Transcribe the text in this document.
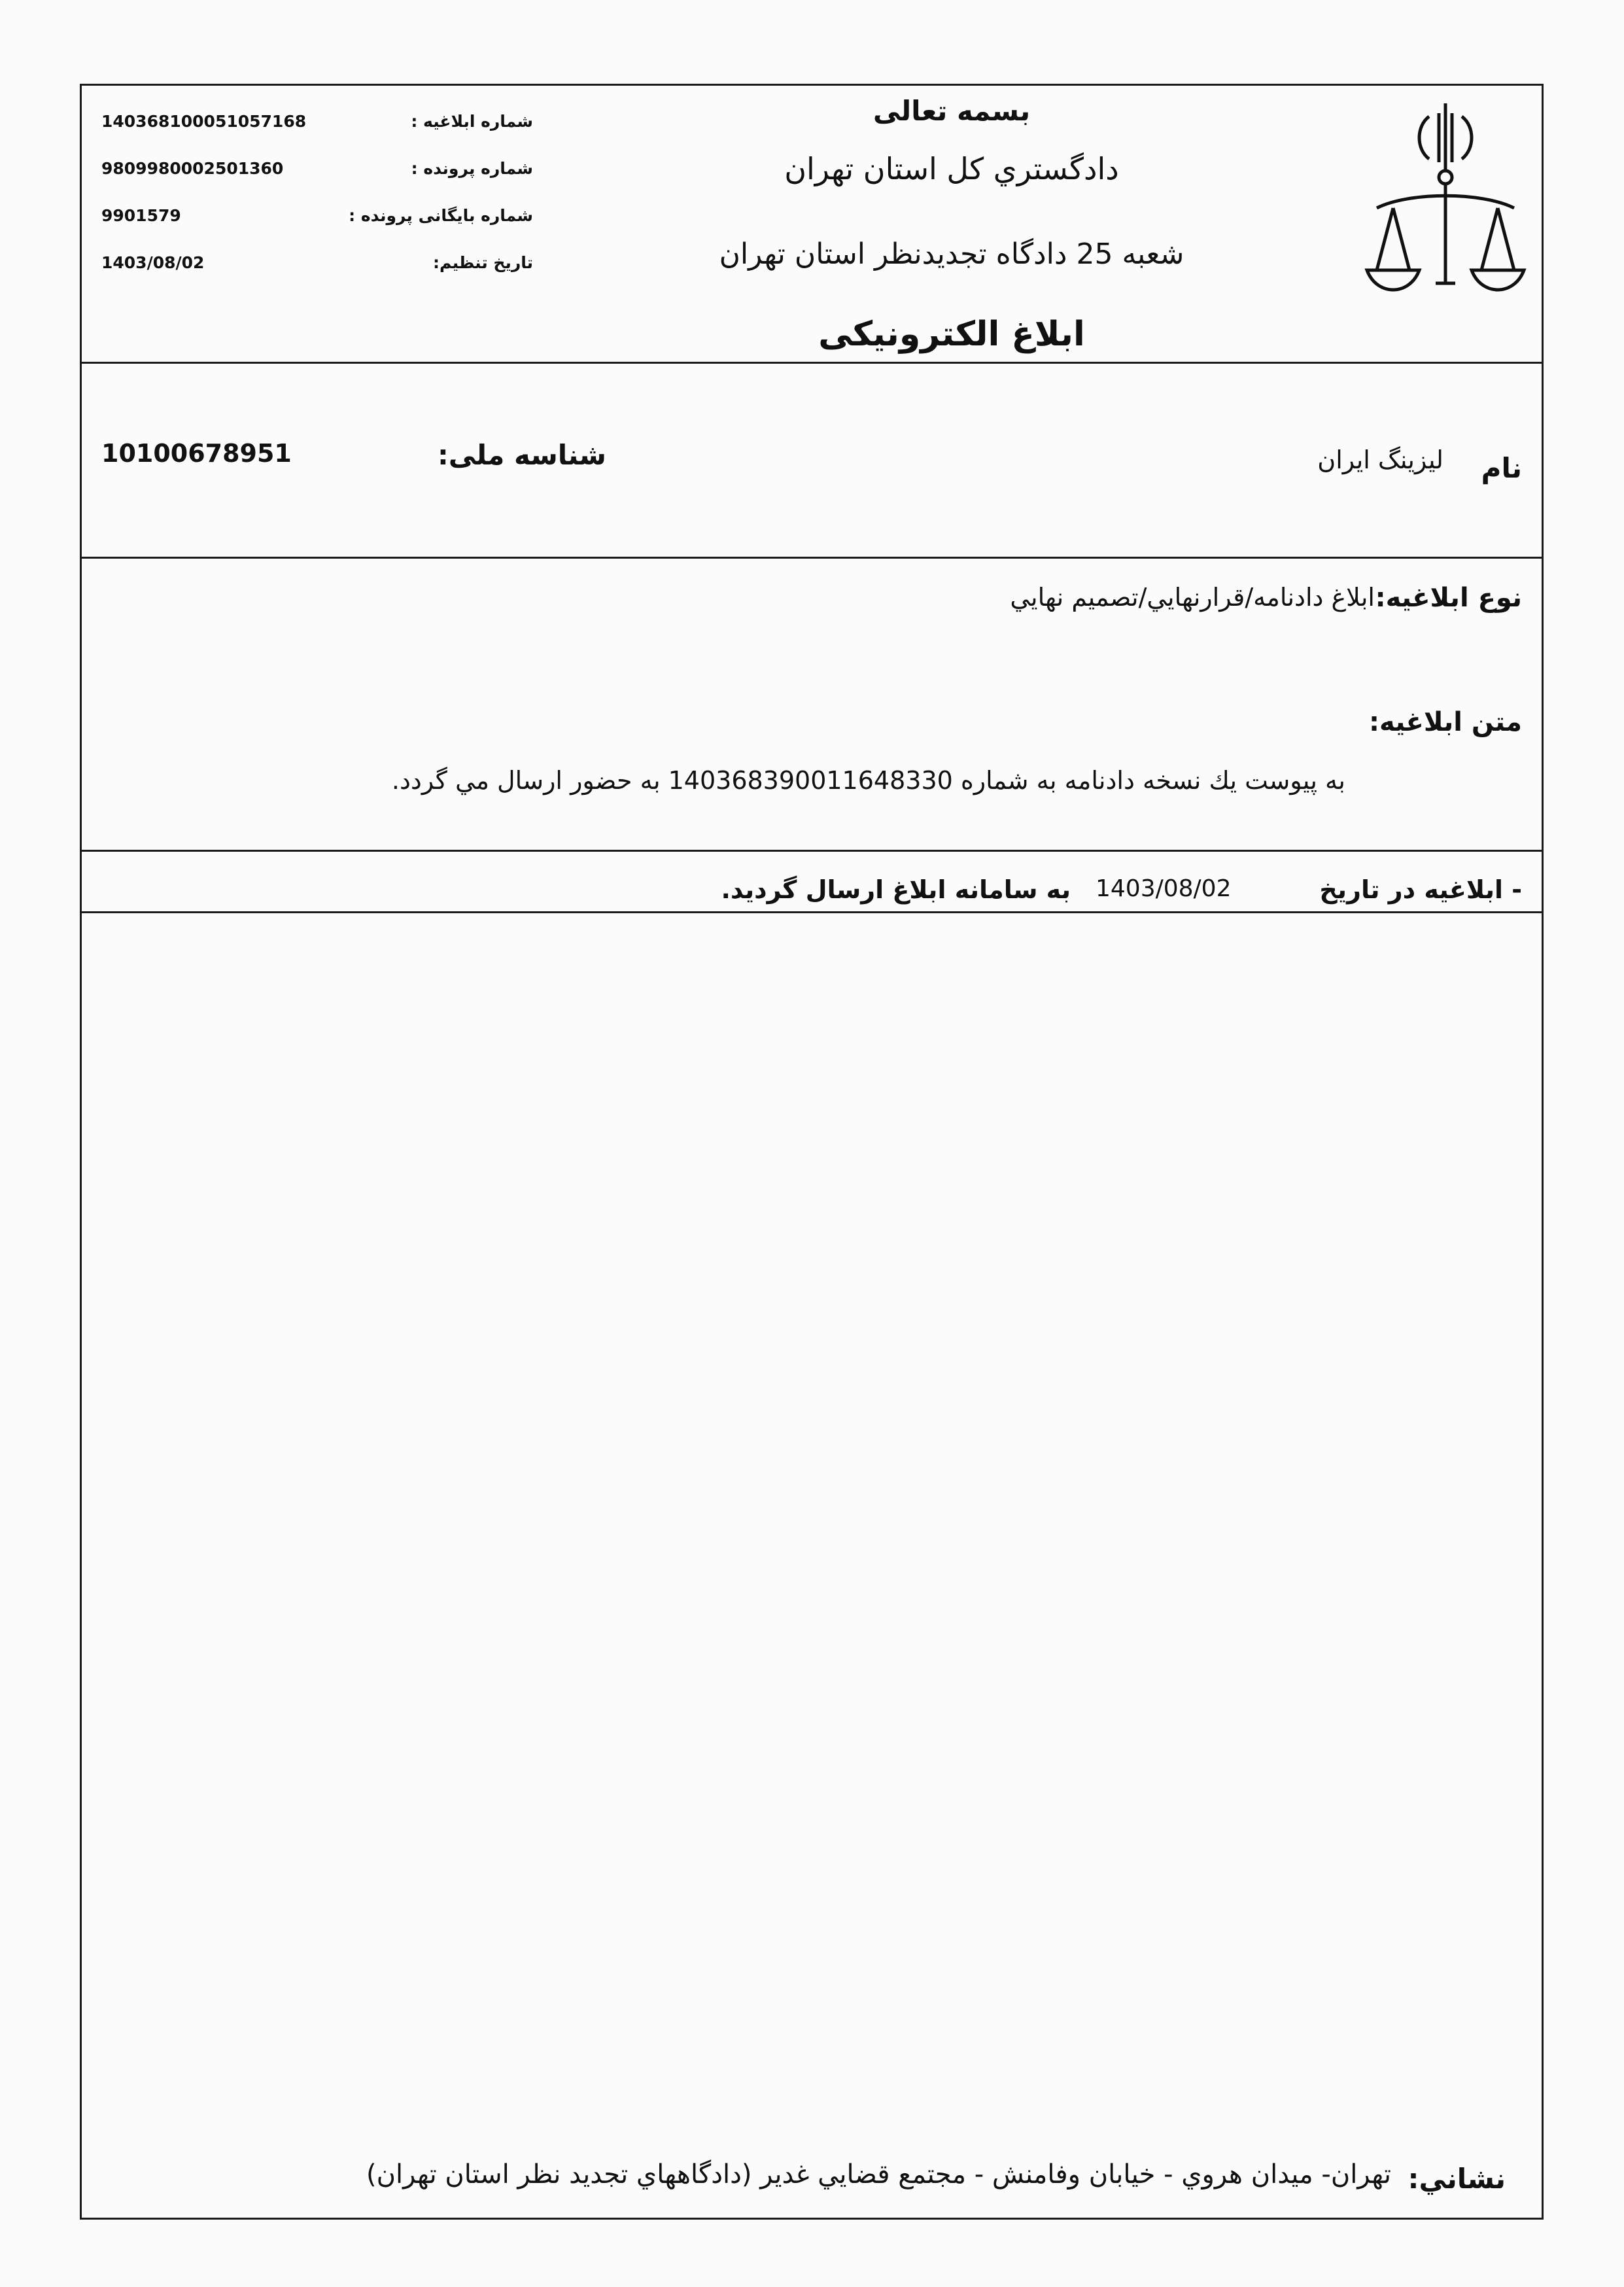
140368100051057168	شماره ابلاغیه :
9809980002501360	شماره پرونده :
9901579	شماره بایگانی پرونده :
1403/08/02	تاریخ تنظیم:
بسمه تعالی
دادگستري كل استان تهران
شعبه 25 دادگاه تجدیدنظر استان تهران
ابلاغ الكترونيكى
10100678951	شناسه ملی:	لیزینگ ایران نام
نوع ابلاغیه:
ابلاغ دادنامه/قرارنهايي/تصميم نهايي
متن ابلاغیه:
به پیوست يك نسخه دادنامه به شماره 140368390011648330 به حضور ارسال مي گردد.
- ابلاغیه در تاریخ
1403/08/02
به سامانه ابلاغ ارسال گرديد.
نشاني:
تهران- ميدان هروي - خيابان وفامنش - مجتمع قضايي غدير (دادگاههاي تجديد نظر استان تهران)
